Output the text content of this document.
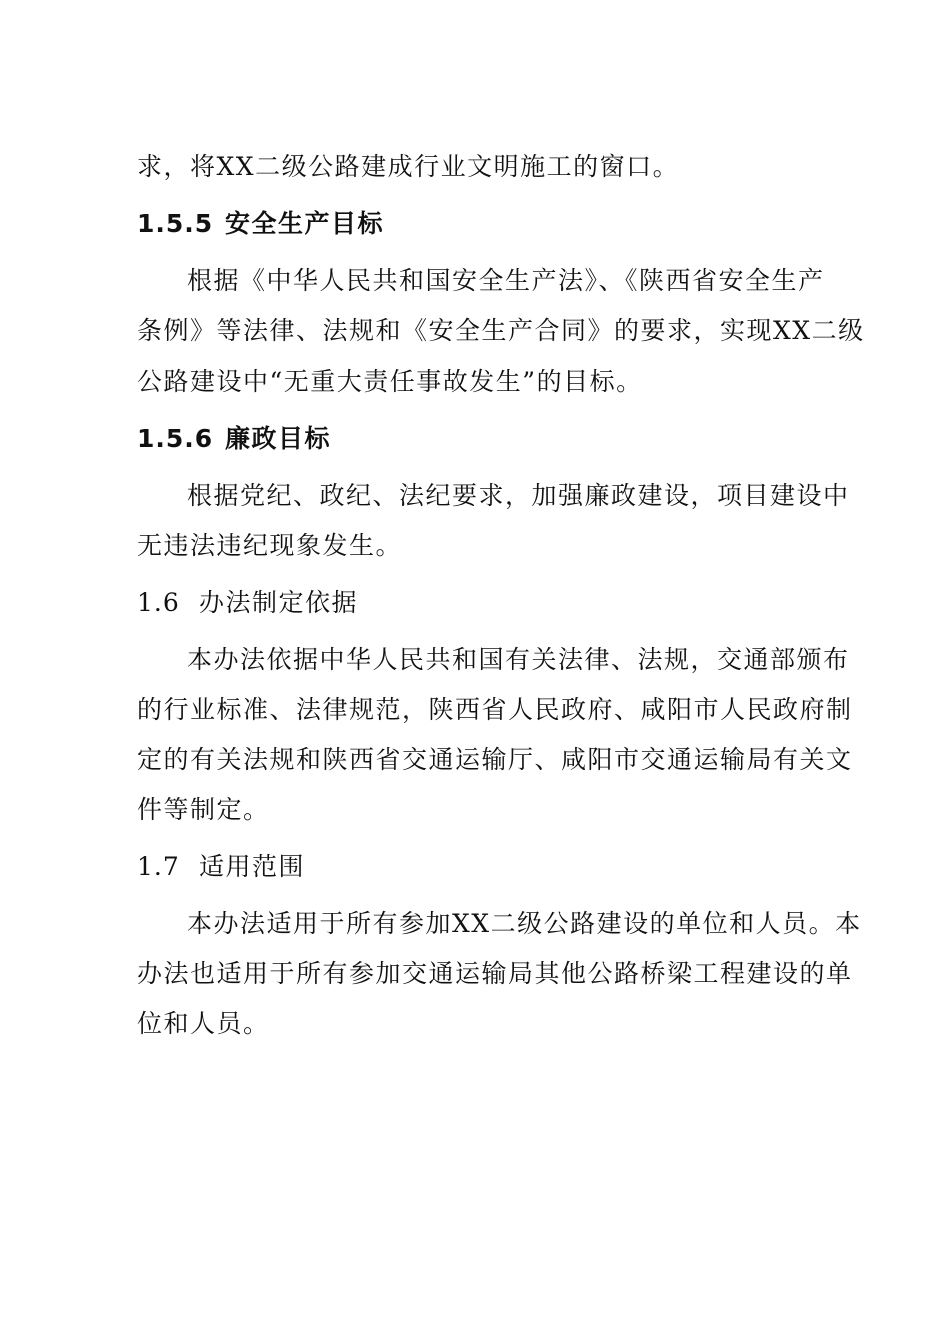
求，将XX二级公路建成行业文明施工的窗口。
1.5.5 安全生产目标
根据《中华人民共和国安全生产法》、《陕西省安全生产
条例》等法律、法规和《安全生产合同》的要求，实现XX二级
公路建设中“无重大责任事故发生”的目标。
1.5.6 廉政目标
根据党纪、政纪、法纪要求，加强廉政建设，项目建设中
无违法违纪现象发生。
1.6 办法制定依据
本办法依据中华人民共和国有关法律、法规，交通部颁布
的行业标准、法律规范，陕西省人民政府、咸阳市人民政府制
定的有关法规和陕西省交通运输厅、咸阳市交通运输局有关文
件等制定。
1.7 适用范围
本办法适用于所有参加XX二级公路建设的单位和人员。本
办法也适用于所有参加交通运输局其他公路桥梁工程建设的单
位和人员。
